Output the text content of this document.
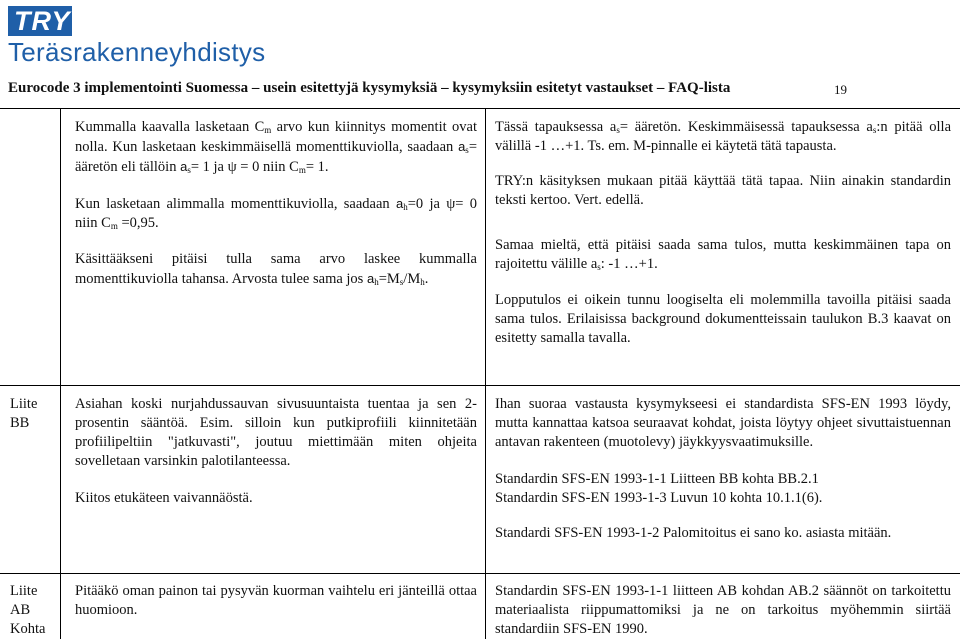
TRY
Teräsrakenneyhdistys
Eurocode 3 implementointi Suomessa – usein esitettyjä kysymyksiä – kysymyksiin esitetyt vastaukset – FAQ-lista	19

Kummalla kaavalla lasketaan $C_m$ arvo kun kiinnitys momentit ovat nolla. Kun lasketaan keskimmäisellä momenttikuviolla, saadaan $a_s=$ ääretön eli tällöin $a_s= 1$ ja ψ = 0 niin $C_m= 1$.

Kun lasketaan alimmalla momenttikuviolla, saadaan $a_h=0$ ja ψ= 0 niin $C_m =0,95$.

Käsittääkseni pitäisi tulla sama arvo laskee kummalla momenttikuviolla tahansa. Arvosta tulee sama jos $a_h=M_s/M_h$.

Tässä tapauksessa $a_s=$ ääretön. Keskimmäisessä tapauksessa $a_s:n$ pitää olla välillä -1 …+1. Ts. em. M-pinnalle ei käytetä tätä tapausta.

TRY:n käsityksen mukaan pitää käyttää tätä tapaa. Niin ainakin standardin teksti kertoo. Vert. edellä.

Samaa mieltä, että pitäisi saada sama tulos, mutta keskimmäinen tapa on rajoitettu välille $a_s$: -1 …+1.

Lopputulos ei oikein tunnu loogiselta eli molemmilla tavoilla pitäisi saada sama tulos. Erilaisissa background dokumentteissain taulukon B.3 kaavat on esitetty samalla tavalla.

Liite
BB

Asiahan koski nurjahdussauvan sivusuuntaista tuentaa ja sen 2-prosentin sääntöä. Esim. silloin kun putkiprofiili kiinnitetään profiilipeltiin "jatkuvasti", joutuu miettimään miten ohjeita sovelletaan varsinkin palotilanteessa.

Kiitos etukäteen vaivannäöstä.

Ihan suoraa vastausta kysymykseesi ei standardista SFS-EN 1993 löydy, mutta kannattaa katsoa seuraavat kohdat, joista löytyy ohjeet sivuttaistuennan antavan rakenteen (muotolevy) jäykkyysvaatimuksille.

Standardin SFS-EN 1993-1-1 Liitteen BB kohta BB.2.1

Standardin SFS-EN 1993-1-3 Luvun 10 kohta 10.1.1(6).

Standardi SFS-EN 1993-1-2 Palomitoitus ei sano ko. asiasta mitään.

Liite
AB
Kohta

Pitääkö oman painon tai pysyvän kuorman vaihtelu eri jänteillä ottaa huomioon.

Standardin SFS-EN 1993-1-1 liitteen AB kohdan AB.2 säännöt on tarkoitettu materiaalista riippumattomiksi ja ne on tarkoitus myöhemmin siirtää standardiin SFS-EN 1990.
